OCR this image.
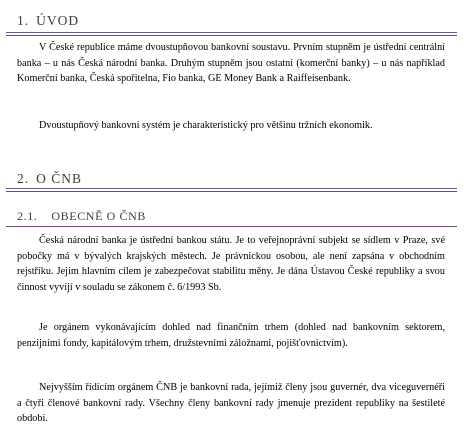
1. ÚVOD

V České republice máme dvoustupňovou bankovní soustavu. Prvním stupněm je ústřední centrální banka – u nás Česká národní banka. Druhým stupněm jsou ostatní (komerční banky) – u nás například Komerční banka, Česká spořitelna, Fio banka, GE Money Bank a Raiffeisenbank.

Dvoustupňový bankovní systém je charakteristický pro většinu tržních ekonomik.

2. O ČNB
2.1. OBECNĚ O ČNB

Česká národní banka je ústřední bankou státu. Je to veřejnoprávní subjekt se sídlem v Praze, své pobočky má v bývalých krajských městech. Je právnickou osobou, ale není zapsána v obchodním rejstříku. Jejím hlavním cílem je zabezpečovat stabilitu měny. Je dána Ústavou České republiky a svou činnost vyvíjí v souladu se zákonem č. 6/1993 Sb.

Je orgánem vykonávajícím dohled nad finančním trhem (dohled nad bankovním sektorem, penzijními fondy, kapitálovým trhem, družstevními záložnami, pojišťovnictvím).

Nejvyšším řídícím orgánem ČNB je bankovní rada, jejímiž členy jsou guvernér, dva viceguvernéři a čtyři členové bankovní rady. Všechny členy bankovní rady jmenuje prezident republiky na šestileté období.
